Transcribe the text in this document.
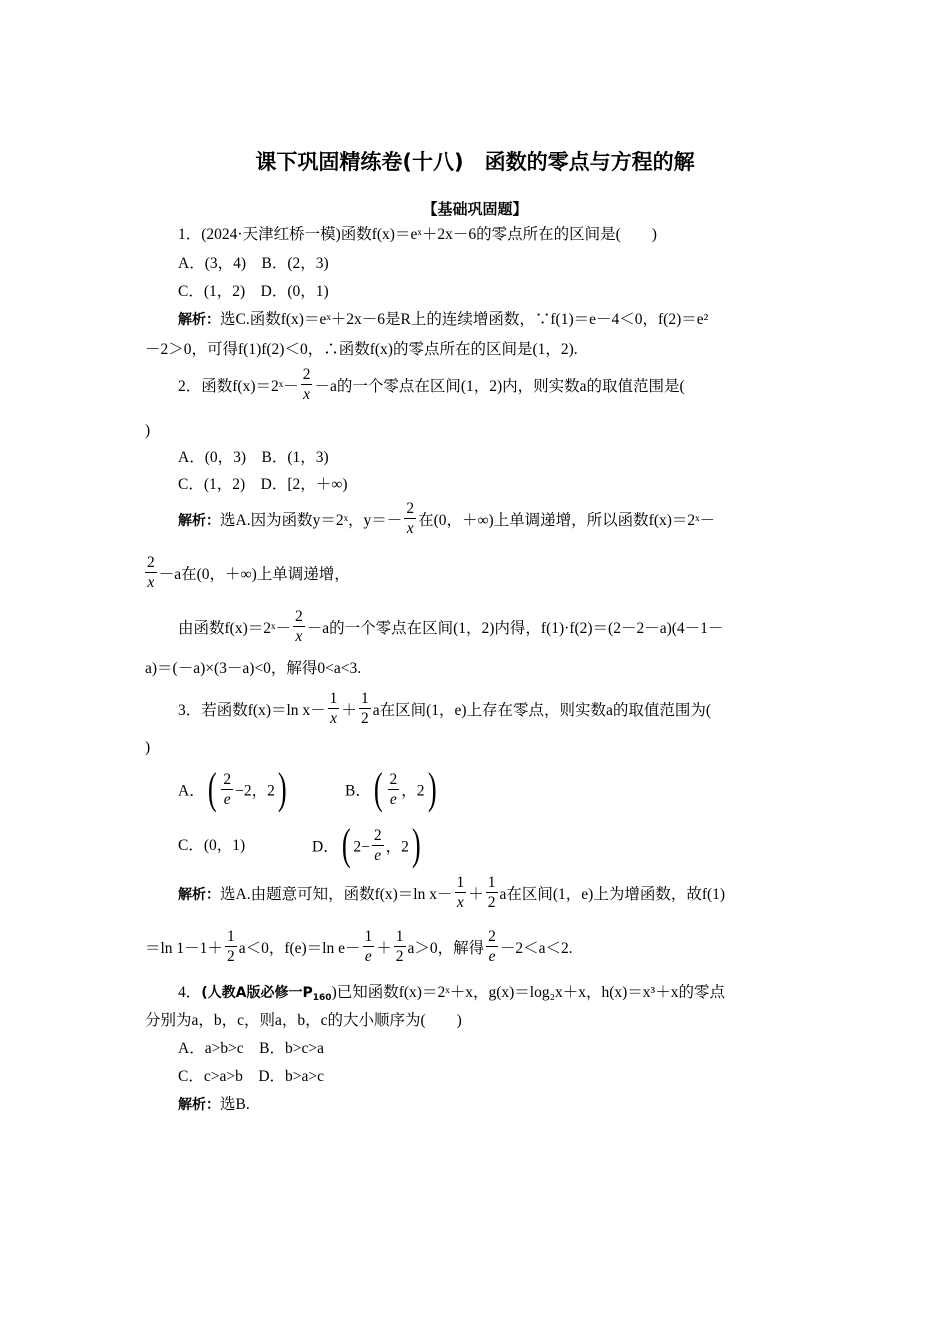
课下巩固精练卷(十八)　函数的零点与方程的解
【基础巩固题】
1．(2024·天津红桥一模)函数f(x)＝eˣ＋2x－6的零点所在的区间是(　　)
A．(3，4)　B．(2，3)
C．(1，2)　D．(0，1)
解析：选C.函数f(x)＝eˣ＋2x－6是R上的连续增函数，∵f(1)＝e－4＜0，f(2)＝e²
－2＞0，可得f(1)f(2)＜0，∴函数f(x)的零点所在的区间是(1，2).
2．函数f(x)＝2ˣ－ $\frac{2}{x} -a$的一个零点在区间(1，2)内，则实数a的取值范围是(
)
A．(0，3)　B．(1，3)
C．(1，2)　D．[2，＋∞)
解析：选A.因为函数y＝2ˣ，$y=- \frac{2}{x}$ 在(0，＋∞)上单调递增，所以函数f(x)＝2ˣ－
$\frac{2}{x} -a$在(0，＋∞)上单调递增，
由函数f(x)＝2ˣ－ $\frac{2}{x} -a$的一个零点在区间(1，2)内得，f(1)·f(2)＝(2－2－a)(4－1－
a)＝(－a)×(3－a)<0，解得0<a<3.
3．若函数f(x)＝ln $x- \frac{1}{x} + \frac{1}{2}$ a在区间(1，e)上存在零点，则实数a的取值范围为(
)
A．( $\frac{2}{e} -2$，2)	B．( $\frac{2}{e}$ ，2)
C．(0，1)	D．( $2- \frac{2}{e}$ ，2)
解析：选A.由题意可知，函数f(x)＝ln $x- \frac{1}{x} + \frac{1}{2}$ a在区间(1，e)上为增函数，故f(1)
＝ln $1-1+ \frac{1}{2} a<0$，f(e)＝ln $e- \frac{1}{e} + \frac{1}{2} a>0$，解得 $\frac{2}{e} -2<a<2$.
4．(人教A版必修一$P_{160}$)已知函数f(x)＝2ˣ＋x，g(x)＝log₂x＋x，h(x)＝x³＋x的零点
分别为a，b，c，则a，b，c的大小顺序为(　　)
A．a>b>c　B．b>c>a
C．c>a>b　D．b>a>c
解析：选B.
